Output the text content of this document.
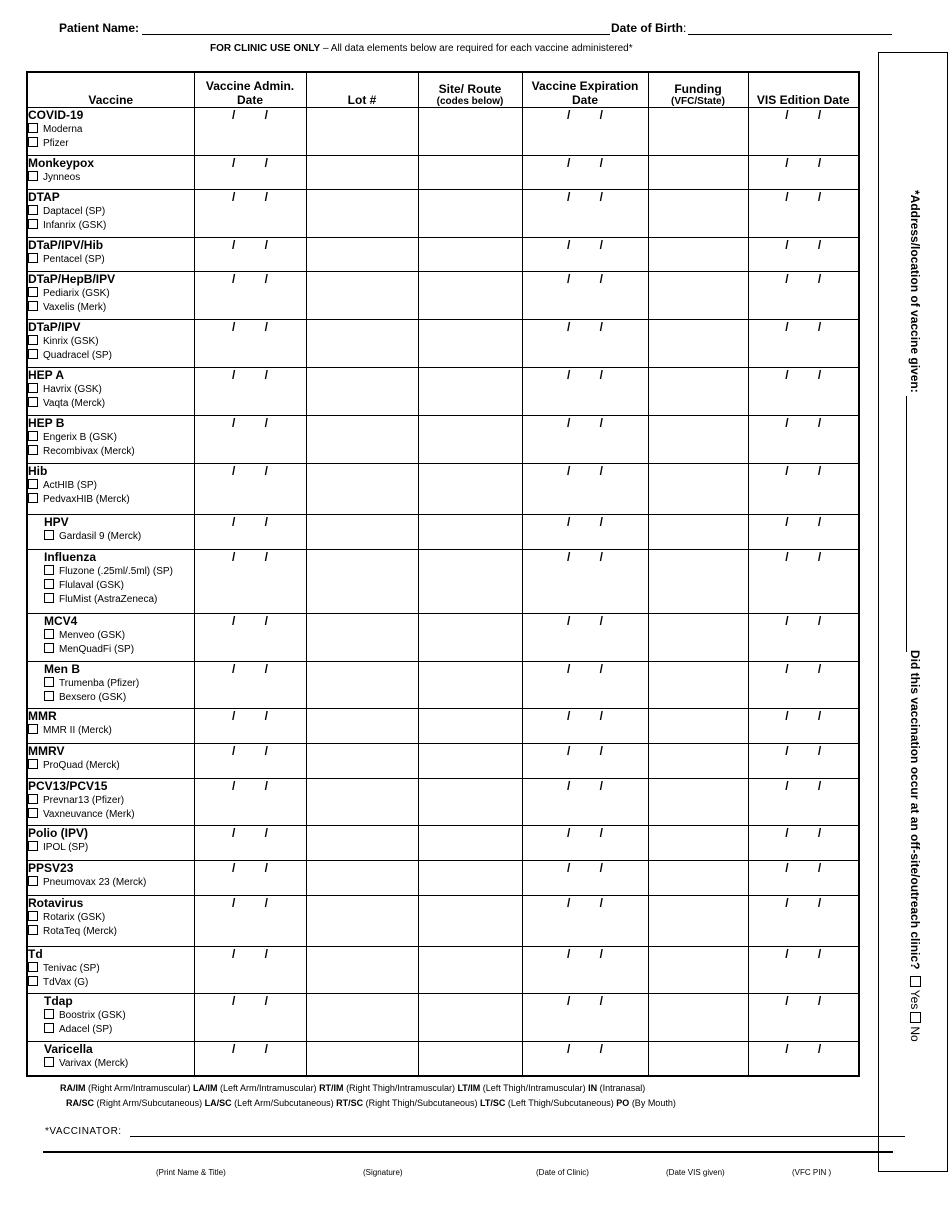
Patient Name:	Date of Birth:
FOR CLINIC USE ONLY – All data elements below are required for each vaccine administered*
Vaccine	Vaccine Admin. Date	Lot #	Site/ Route
(codes below)	Vaccine Expiration Date	Funding
(VFC/State)	VIS Edition Date

COVID-19
Moderna
Pfizer	/ /			/ /		/ /

Monkeypox
Jynneos	/ /			/ /		/ /

DTAP
Daptacel (SP)
Infanrix (GSK)	/ /			/ /		/ /

DTaP/IPV/Hib
Pentacel (SP)	/ /			/ /		/ /

DTaP/HepB/IPV
Pediarix (GSK)
Vaxelis (Merk)	/ /			/ /		/ /

DTaP/IPV
Kinrix (GSK)
Quadracel (SP)	/ /			/ /		/ /

HEP A
Havrix (GSK)
Vaqta (Merck)	/ /			/ /		/ /

HEP B
Engerix B (GSK)
Recombivax (Merck)	/ /			/ /		/ /

Hib
ActHIB (SP)
PedvaxHIB (Merck)	/ /			/ /		/ /

HPV
Gardasil 9 (Merck)	/ /			/ /		/ /

Influenza
Fluzone (.25ml/.5ml) (SP)
Flulaval (GSK)
FluMist (AstraZeneca)	/ /			/ /		/ /

MCV4
Menveo (GSK)
MenQuadFi (SP)	/ /			/ /		/ /

Men B
Trumenba (Pfizer)
Bexsero (GSK)	/ /			/ /		/ /

MMR
MMR II (Merck)	/ /			/ /		/ /

MMRV
ProQuad (Merck)	/ /			/ /		/ /

PCV13/PCV15
Prevnar13 (Pfizer)
Vaxneuvance (Merk)	/ /			/ /		/ /

Polio (IPV)
IPOL (SP)	/ /			/ /		/ /

PPSV23
Pneumovax 23 (Merck)	/ /			/ /		/ /

Rotavirus
Rotarix (GSK)
RotaTeq (Merck)	/ /			/ /		/ /

Td
Tenivac (SP)
TdVax (G)	/ /			/ /		/ /

Tdap
Boostrix (GSK)
Adacel (SP)	/ /			/ /		/ /

Varicella
Varivax (Merck)	/ /			/ /		/ /
RA/IM (Right Arm/Intramuscular) LA/IM (Left Arm/Intramuscular) RT/IM (Right Thigh/Intramuscular) LT/IM (Left Thigh/Intramuscular) IN (Intranasal)
RA/SC (Right Arm/Subcutaneous) LA/SC (Left Arm/Subcutaneous) RT/SC (Right Thigh/Subcutaneous) LT/SC (Left Thigh/Subcutaneous) PO (By Mouth)
*VACCINATOR:
(Print Name & Title)	(Signature)	(Date of Clinic)	(Date VIS given)	(VFC PIN )
*Address/location of vaccine given:
Did this vaccination occur at an off-site/outreach clinic? YesNo
